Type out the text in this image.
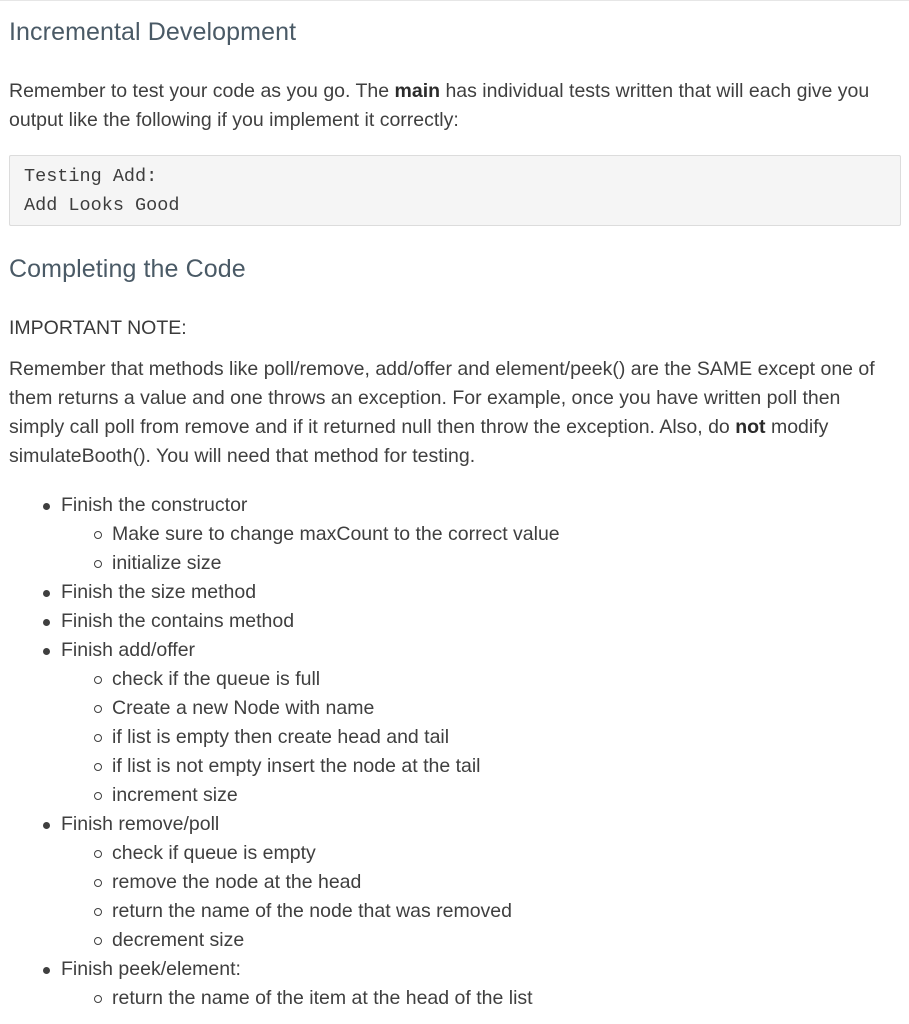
Incremental Development

Remember to test your code as you go. The main has individual tests written that will each give you output like the following if you implement it correctly:

Testing Add:
Add Looks Good
Completing the Code
IMPORTANT NOTE:

Remember that methods like poll/remove, add/offer and element/peek() are the SAME except one of them returns a value and one throws an exception. For example, once you have written poll then simply call poll from remove and if it returned null then throw the exception. Also, do not modify simulateBooth(). You will need that method for testing.

Finish the constructor
Make sure to change maxCount to the correct value
initialize size
Finish the size method
Finish the contains method
Finish add/offer
check if the queue is full
Create a new Node with name
if list is empty then create head and tail
if list is not empty insert the node at the tail
increment size
Finish remove/poll
check if queue is empty
remove the node at the head
return the name of the node that was removed
decrement size
Finish peek/element:
return the name of the item at the head of the list
